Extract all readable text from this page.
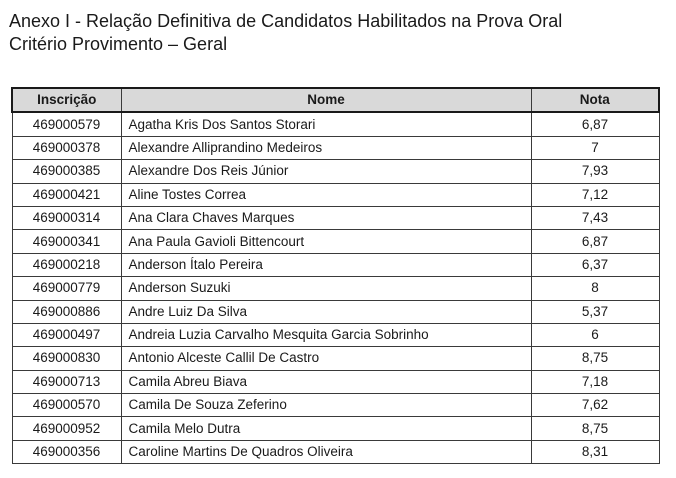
Anexo I - Relação Definitiva de Candidatos Habilitados na Prova Oral
Critério Provimento – Geral
Inscrição	Nome	Nota
469000579	Agatha Kris Dos Santos Storari	6,87
469000378	Alexandre Alliprandino Medeiros	7
469000385	Alexandre Dos Reis Júnior	7,93
469000421	Aline Tostes Correa	7,12
469000314	Ana Clara Chaves Marques	7,43
469000341	Ana Paula Gavioli Bittencourt	6,87
469000218	Anderson Ítalo Pereira	6,37
469000779	Anderson Suzuki	8
469000886	Andre Luiz Da Silva	5,37
469000497	Andreia Luzia Carvalho Mesquita Garcia Sobrinho	6
469000830	Antonio Alceste Callil De Castro	8,75
469000713	Camila Abreu Biava	7,18
469000570	Camila De Souza Zeferino	7,62
469000952	Camila Melo Dutra	8,75
469000356	Caroline Martins De Quadros Oliveira	8,31
